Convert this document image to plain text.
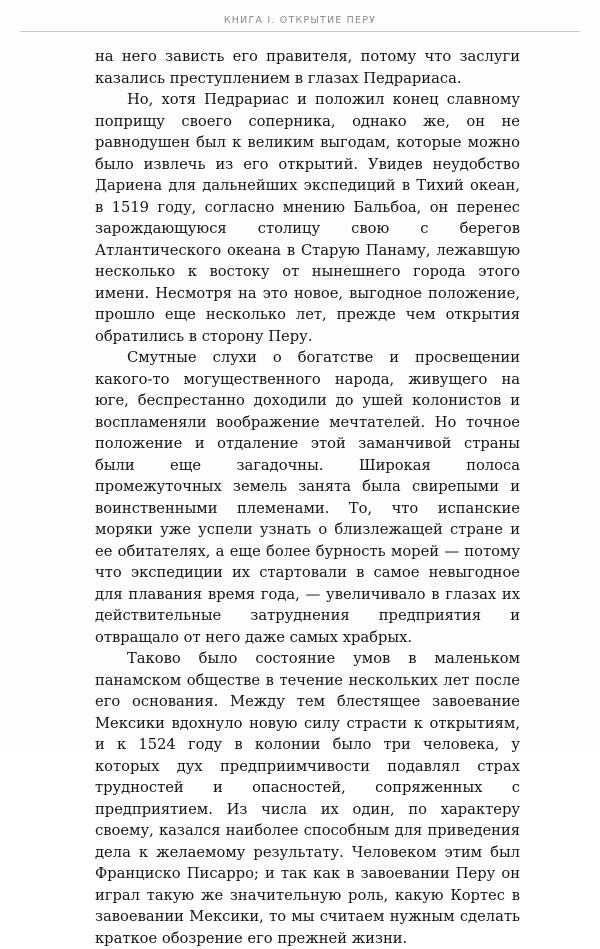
КНИГА I. ОТКРЫТИЕ ПЕРУ

на него зависть его правителя, потому что заслуги казались преступлением в глазах Педрариаса.

Но, хотя Педрариас и положил конец славному поприщу своего соперника, однако же, он не равнодушен был к великим выгодам, которые можно было извлечь из его открытий. Увидев неудобство Дариена для дальнейших экспедиций в Тихий океан, в 1519 году, согласно мнению Бальбоа, он перенес зарождающуюся столицу свою с берегов Атлантического океана в Старую Панаму, лежавшую несколько к востоку от нынешнего города этого имени. Несмотря на это новое, выгодное положение, прошло еще несколько лет, прежде чем открытия обратились в сторону Перу.

Смутные слухи о богатстве и просвещении какого-то могущественного народа, живущего на юге, беспрестанно доходили до ушей колонистов и воспламеняли воображение мечтателей. Но точное положение и отдаление этой заманчивой страны были еще загадочны. Широкая полоса промежуточных земель занята была свирепыми и воинственными племенами. То, что испанские моряки уже успели узнать о близлежащей стране и ее обитателях, а еще более бурность морей — потому что экспедиции их стартовали в самое невыгодное для плавания время года, — увеличивало в глазах их действительные затруднения предприятия и отвращало от него даже самых храбрых.

Таково было состояние умов в маленьком панамском обществе в течение нескольких лет после его основания. Между тем блестящее завоевание Мексики вдохнуло новую силу страсти к открытиям, и к 1524 году в колонии было три человека, у которых дух предприимчивости подавлял страх трудностей и опасностей, сопряженных с предприятием. Из числа их один, по характеру своему, казался наиболее способным для приведения дела к желаемому результату. Человеком этим был Франциско Писарро; и так как в завоевании Перу он играл такую же значительную роль, какую Кортес в завоевании Мексики, то мы считаем нужным сделать краткое обозрение его прежней жизни.
